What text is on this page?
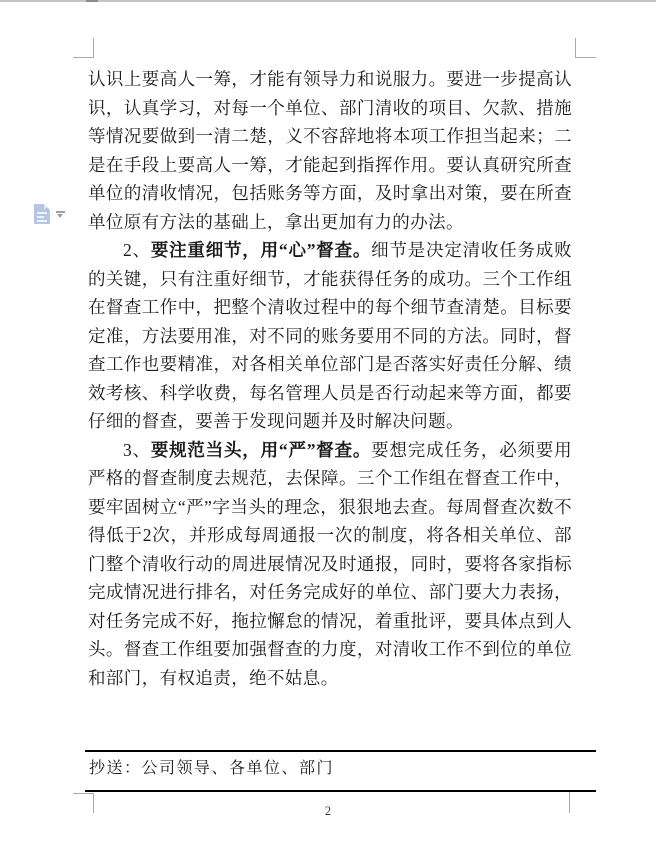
认识上要高人一筹，才能有领导力和说服力。要进一步提高认识，认真学习，对每一个单位、部门清收的项目、欠款、措施等情况要做到一清二楚，义不容辞地将本项工作担当起来；二是在手段上要高人一筹，才能起到指挥作用。要认真研究所查单位的清收情况，包括账务等方面，及时拿出对策，要在所查单位原有方法的基础上，拿出更加有力的办法。

2、要注重细节，用“心”督查。细节是决定清收任务成败的关键，只有注重好细节，才能获得任务的成功。三个工作组在督查工作中，把整个清收过程中的每个细节查清楚。目标要定准，方法要用准，对不同的账务要用不同的方法。同时，督查工作也要精准，对各相关单位部门是否落实好责任分解、绩效考核、科学收费，每名管理人员是否行动起来等方面，都要仔细的督查，要善于发现问题并及时解决问题。

3、要规范当头，用“严”督查。要想完成任务，必须要用严格的督查制度去规范，去保障。三个工作组在督查工作中，要牢固树立“严”字当头的理念，狠狠地去查。每周督查次数不得低于2次，并形成每周通报一次的制度，将各相关单位、部门整个清收行动的周进展情况及时通报，同时，要将各家指标完成情况进行排名，对任务完成好的单位、部门要大力表扬，对任务完成不好，拖拉懈怠的情况，着重批评，要具体点到人头。督查工作组要加强督查的力度，对清收工作不到位的单位和部门，有权追责，绝不姑息。

抄送：公司领导、各单位、部门
2
